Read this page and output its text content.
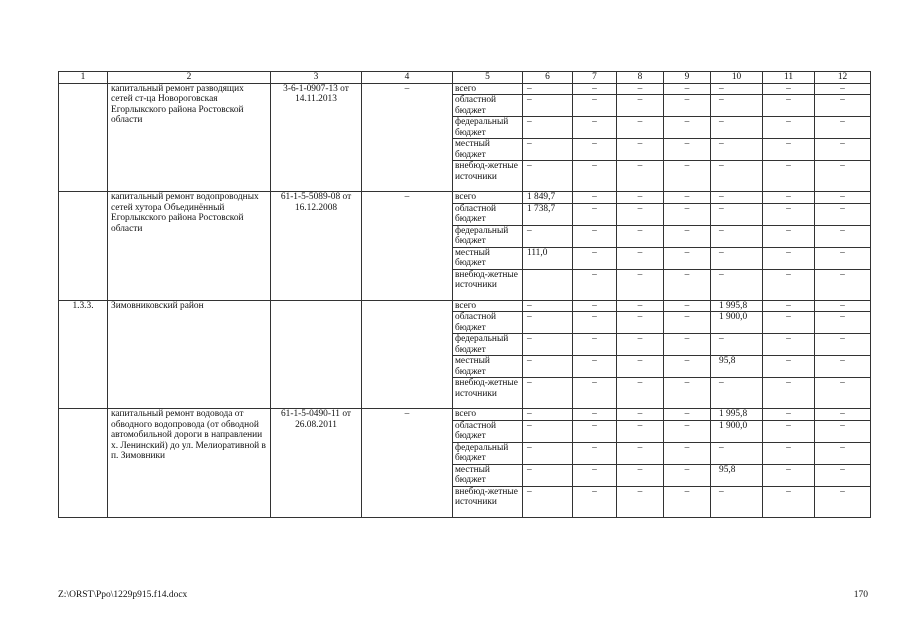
1	2	3	4	5	6	7	8	9	10	11	12
	капитальный ремонт разводящих сетей ст-ца Новороговская Егорлыкского района Ростовской области	3-6-1-0907-13 от 14.11.2013	–	всего	–	–	–	–	–	–	–
				областной бюджет	–	–	–	–	–	–	–
				федеральный бюджет	–	–	–	–	–	–	–
				местный бюджет	–	–	–	–	–	–	–
				внебюд-жетные источники	–	–	–	–	–	–	–
	капитальный ремонт водопроводных сетей хутора Объединённый Егорлыкского района Ростовской области	61-1-5-5089-08 от 16.12.2008	–	всего	1 849,7	–	–	–	–	–	–
				областной бюджет	1 738,7	–	–	–	–	–	–
				федеральный бюджет	–	–	–	–	–	–	–
				местный бюджет	111,0	–	–	–	–	–	–
				внебюд-жетные источники		–	–	–	–	–	–
1.3.3.	Зимовниковский район			всего	–	–	–	–	1 995,8	–	–
				областной бюджет	–	–	–	–	1 900,0	–	–
				федеральный бюджет	–	–	–	–	–	–	–
				местный бюджет	–	–	–	–	95,8	–	–
				внебюд-жетные источники	–	–	–	–	–	–	–
	капитальный ремонт водовода от обводного водопровода (от обводной автомобильной дороги в направлении х. Ленинский) до ул. Мелиоративной в п. Зимовники	61-1-5-0490-11 от 26.08.2011	–	всего	–	–	–	–	1 995,8	–	–
				областной бюджет	–	–	–	–	1 900,0	–	–
				федеральный бюджет	–	–	–	–	–	–	–
				местный бюджет	–	–	–	–	95,8	–	–
				внебюд-жетные источники	–	–	–	–	–	–	–
Z:\ORST\Ppo\1229p915.f14.docx	170
